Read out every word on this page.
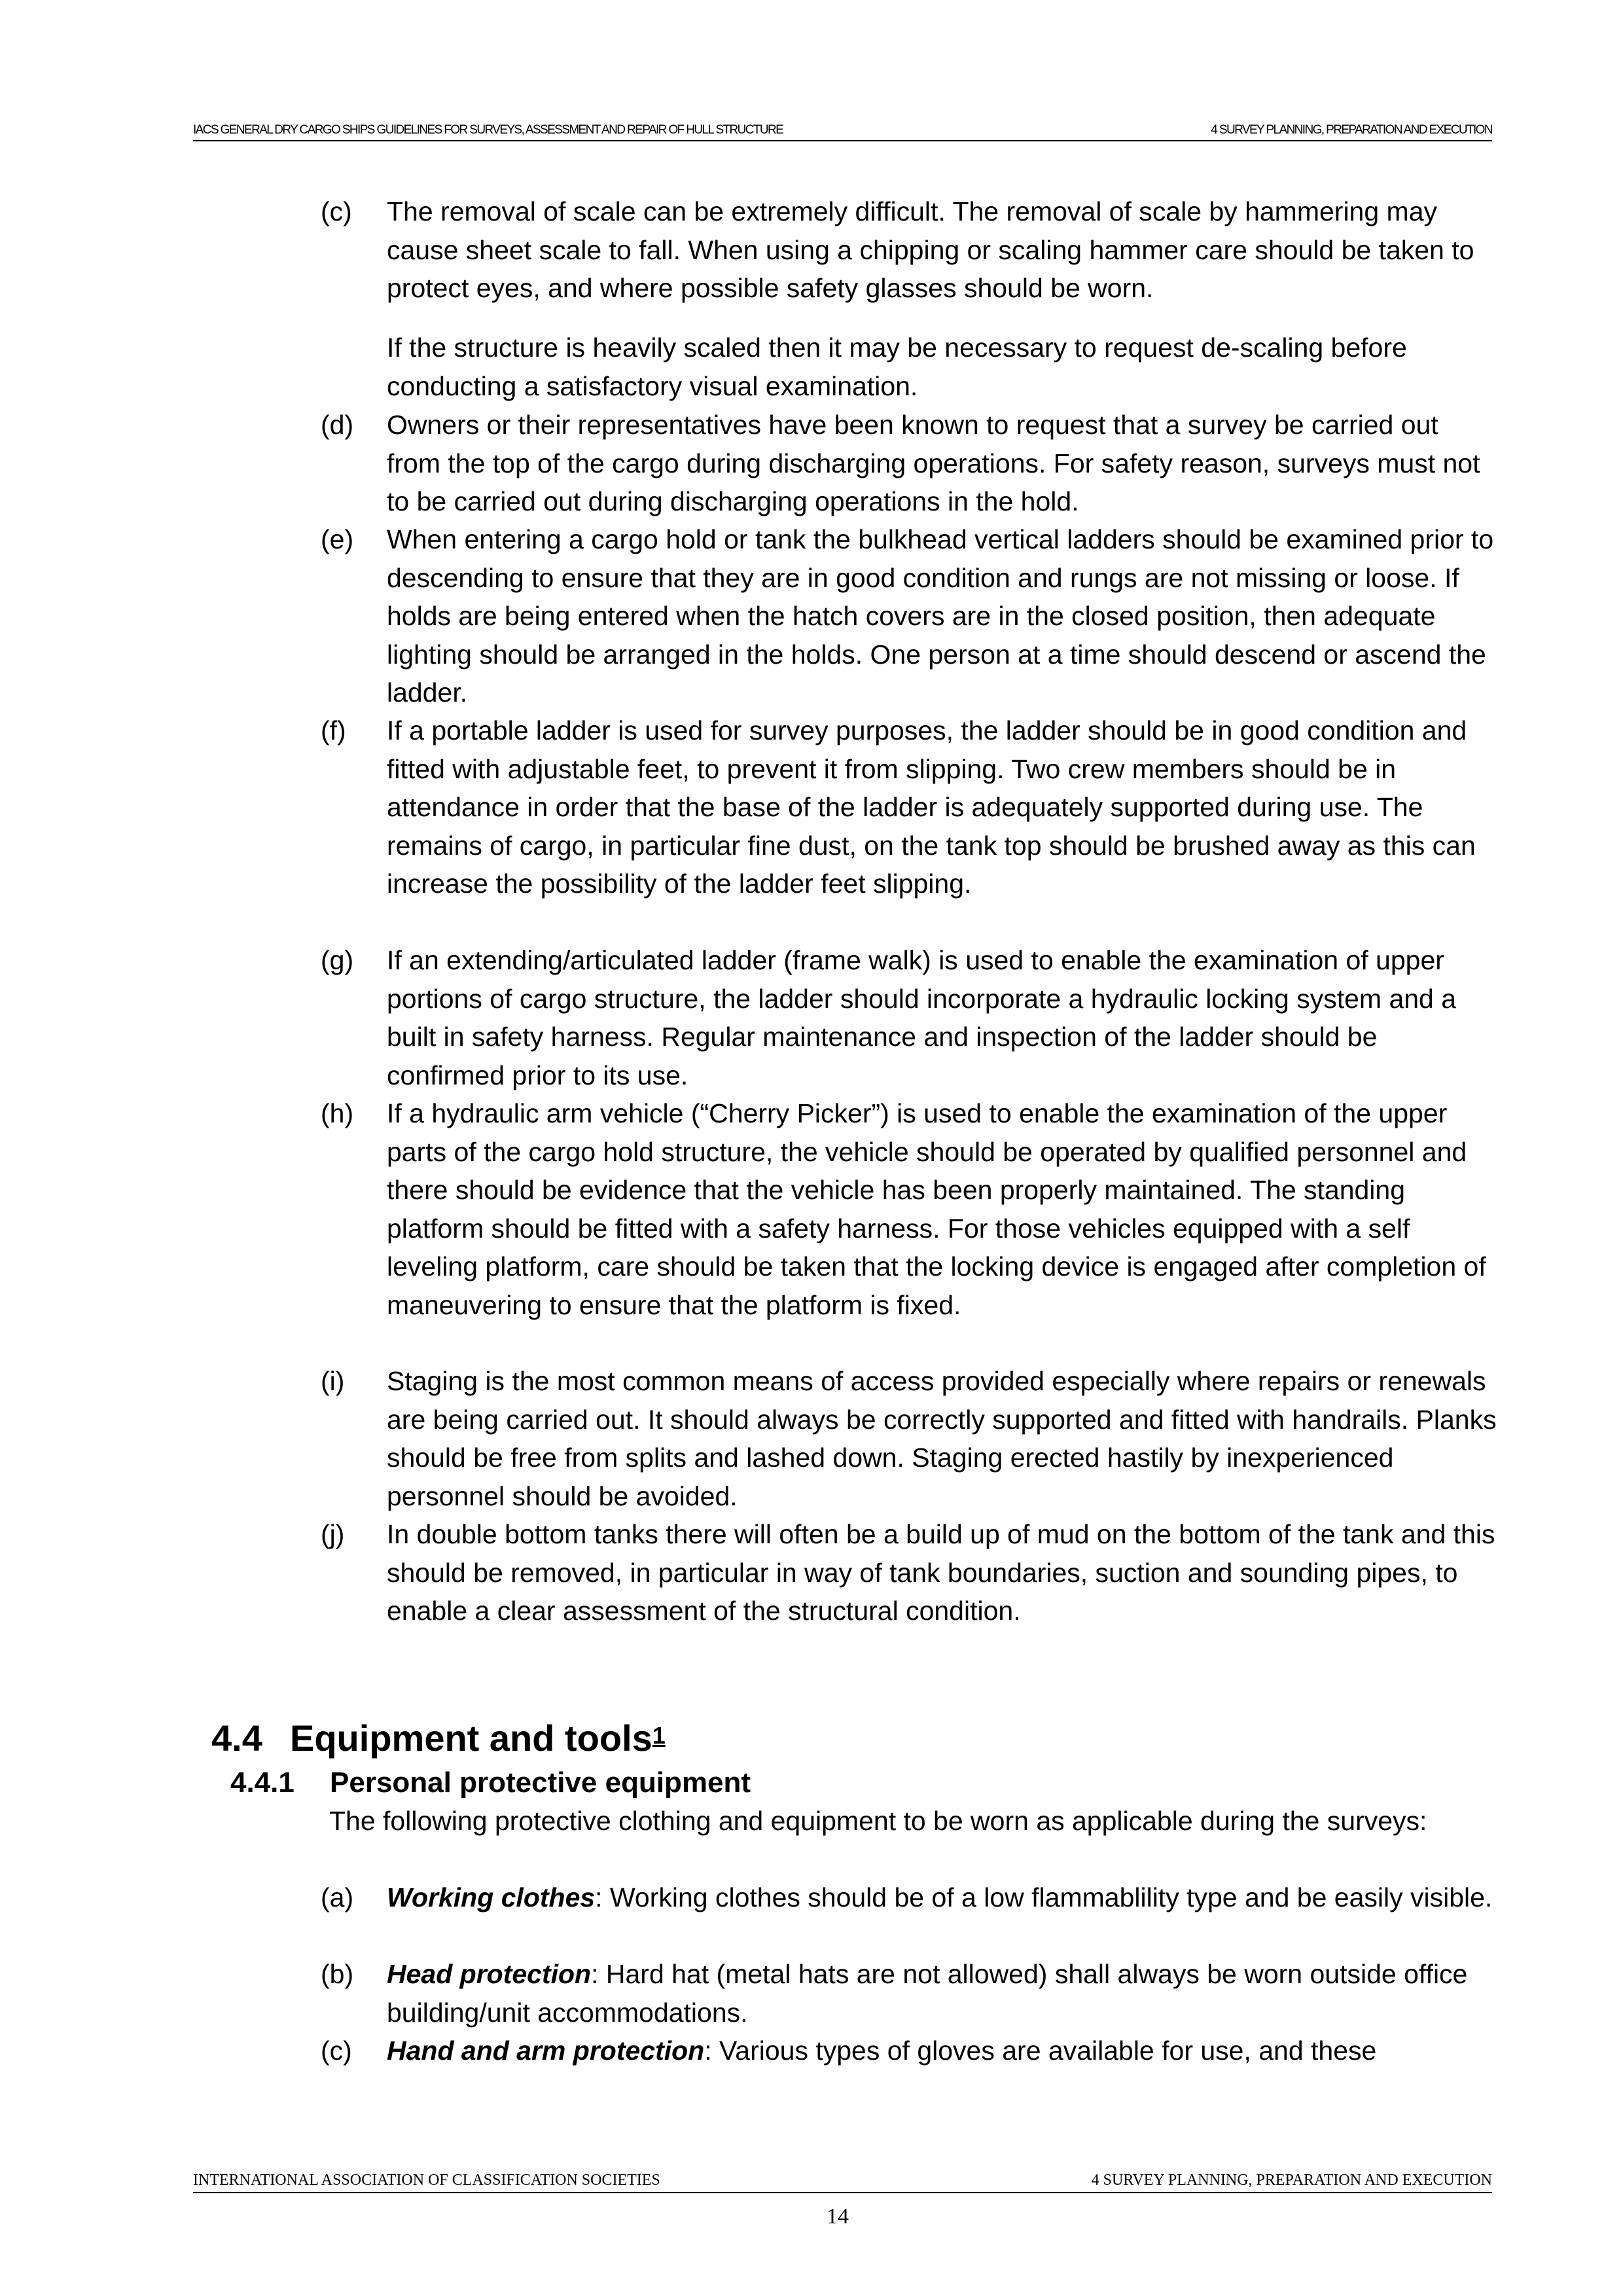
IACS GENERAL DRY CARGO SHIPS GUIDELINES FOR SURVEYS, ASSESSMENT AND REPAIR OF HULL STRUCTURE	4 SURVEY PLANNING, PREPARATION AND EXECUTION
(c) The removal of scale can be extremely difficult. The removal of scale by hammering may cause sheet scale to fall. When using a chipping or scaling hammer care should be taken to protect eyes, and where possible safety glasses should be worn.
If the structure is heavily scaled then it may be necessary to request de-scaling before conducting a satisfactory visual examination.
(d) Owners or their representatives have been known to request that a survey be carried out from the top of the cargo during discharging operations. For safety reason, surveys must not to be carried out during discharging operations in the hold.
(e) When entering a cargo hold or tank the bulkhead vertical ladders should be examined prior to descending to ensure that they are in good condition and rungs are not missing or loose. If holds are being entered when the hatch covers are in the closed position, then adequate lighting should be arranged in the holds. One person at a time should descend or ascend the ladder.
(f) If a portable ladder is used for survey purposes, the ladder should be in good condition and fitted with adjustable feet, to prevent it from slipping. Two crew members should be in attendance in order that the base of the ladder is adequately supported during use. The remains of cargo, in particular fine dust, on the tank top should be brushed away as this can increase the possibility of the ladder feet slipping.
(g) If an extending/articulated ladder (frame walk) is used to enable the examination of upper portions of cargo structure, the ladder should incorporate a hydraulic locking system and a built in safety harness. Regular maintenance and inspection of the ladder should be confirmed prior to its use.
(h) If a hydraulic arm vehicle (“Cherry Picker”) is used to enable the examination of the upper parts of the cargo hold structure, the vehicle should be operated by qualified personnel and there should be evidence that the vehicle has been properly maintained. The standing platform should be fitted with a safety harness. For those vehicles equipped with a self leveling platform, care should be taken that the locking device is engaged after completion of maneuvering to ensure that the platform is fixed.
(i) Staging is the most common means of access provided especially where repairs or renewals are being carried out. It should always be correctly supported and fitted with handrails. Planks should be free from splits and lashed down. Staging erected hastily by inexperienced personnel should be avoided.
(j) In double bottom tanks there will often be a build up of mud on the bottom of the tank and this should be removed, in particular in way of tank boundaries, suction and sounding pipes, to enable a clear assessment of the structural condition.
4.4 Equipment and tools$^1$
4.4.1 Personal protective equipment
The following protective clothing and equipment to be worn as applicable during the surveys:
(a) Working clothes: Working clothes should be of a low flammablility type and be easily visible.
(b) Head protection: Hard hat (metal hats are not allowed) shall always be worn outside office building/unit accommodations.
(c) Hand and arm protection: Various types of gloves are available for use, and these
INTERNATIONAL ASSOCIATION OF CLASSIFICATION SOCIETIES	4 SURVEY PLANNING, PREPARATION AND EXECUTION
14
